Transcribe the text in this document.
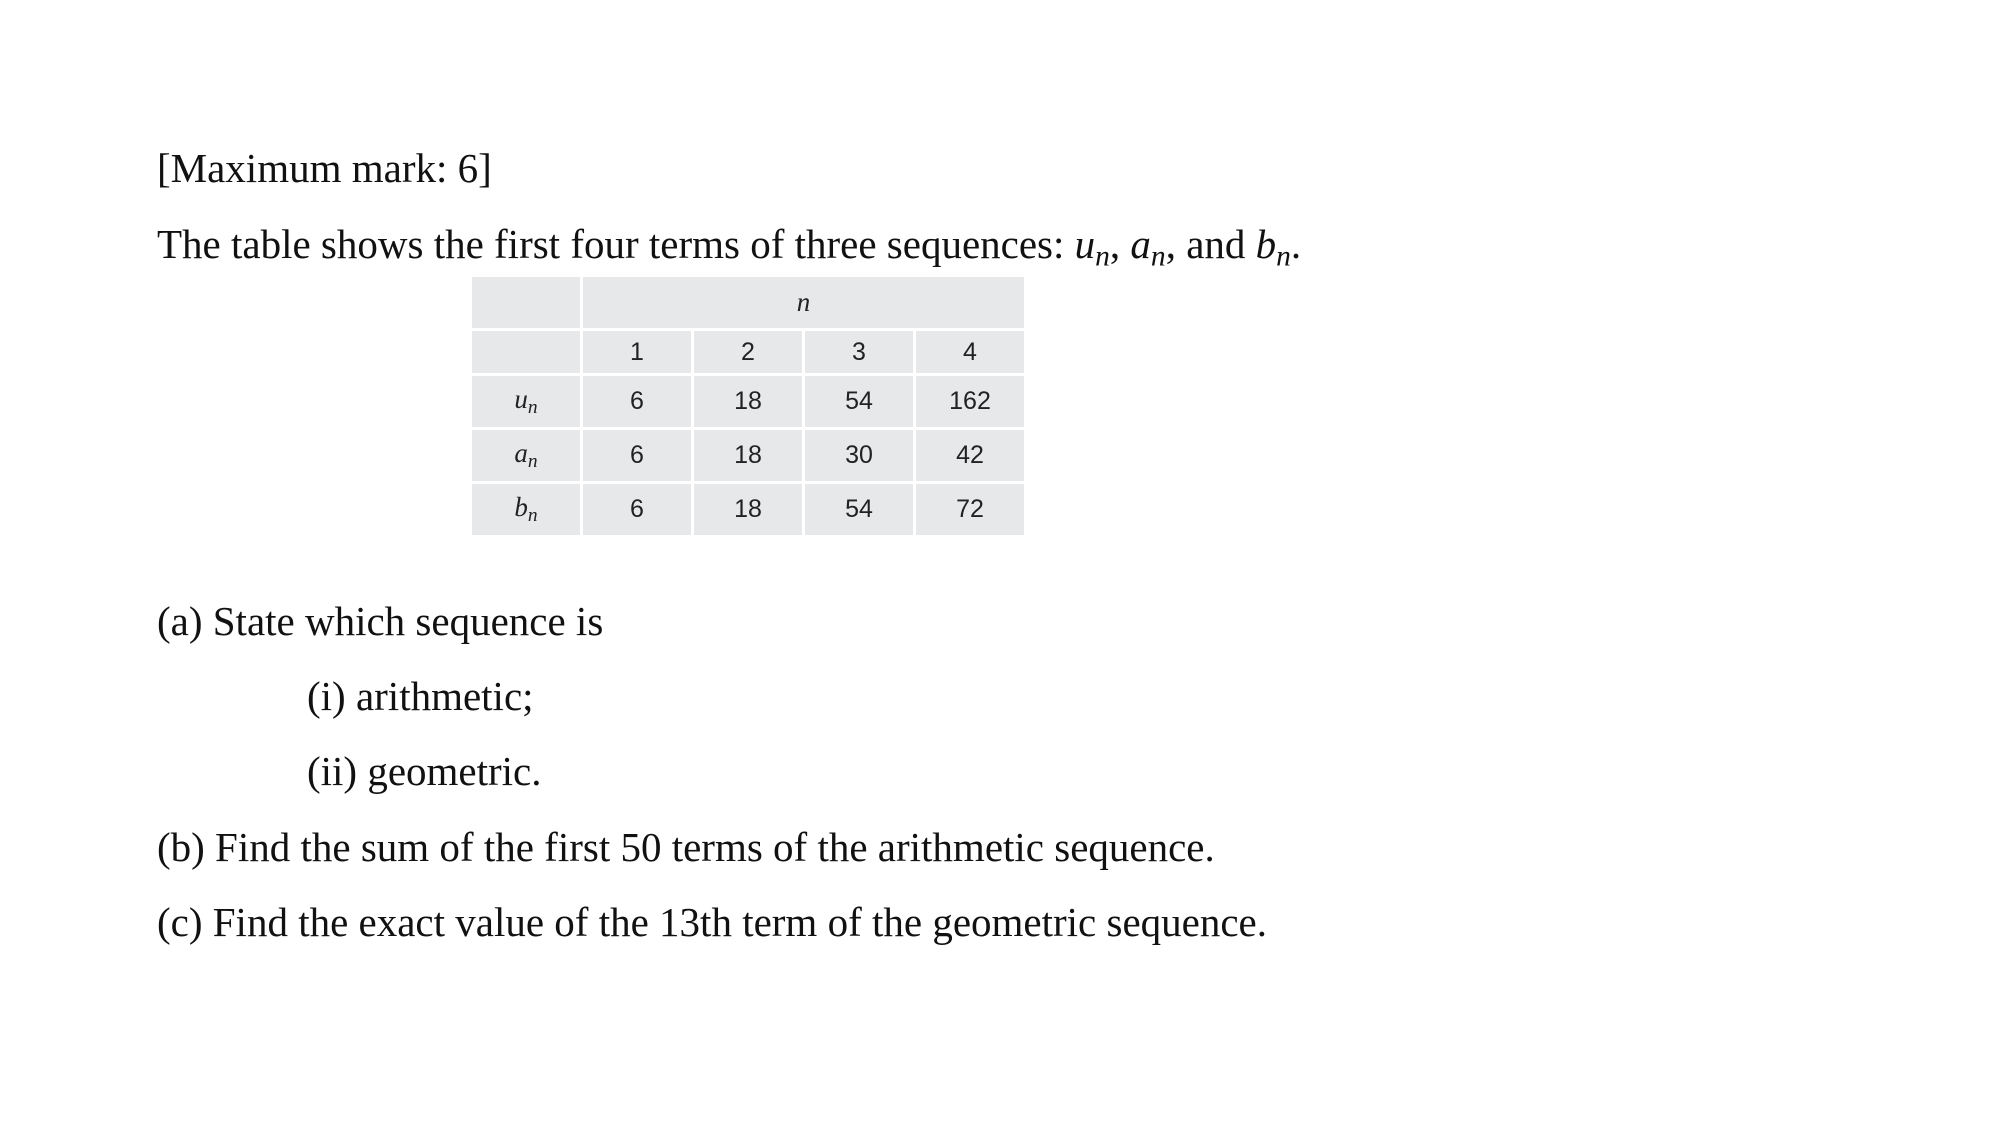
[Maximum mark: 6]
The table shows the first four terms of three sequences: $u_n$, $a_n$, and $b_n$.
	n			
	1	2	3	4
$u_n$	6	18	54	162
$a_n$	6	18	30	42
$b_n$	6	18	54	72
(a) State which sequence is
(i) arithmetic;
(ii) geometric.
(b) Find the sum of the first 50 terms of the arithmetic sequence.
(c) Find the exact value of the 13th term of the geometric sequence.
